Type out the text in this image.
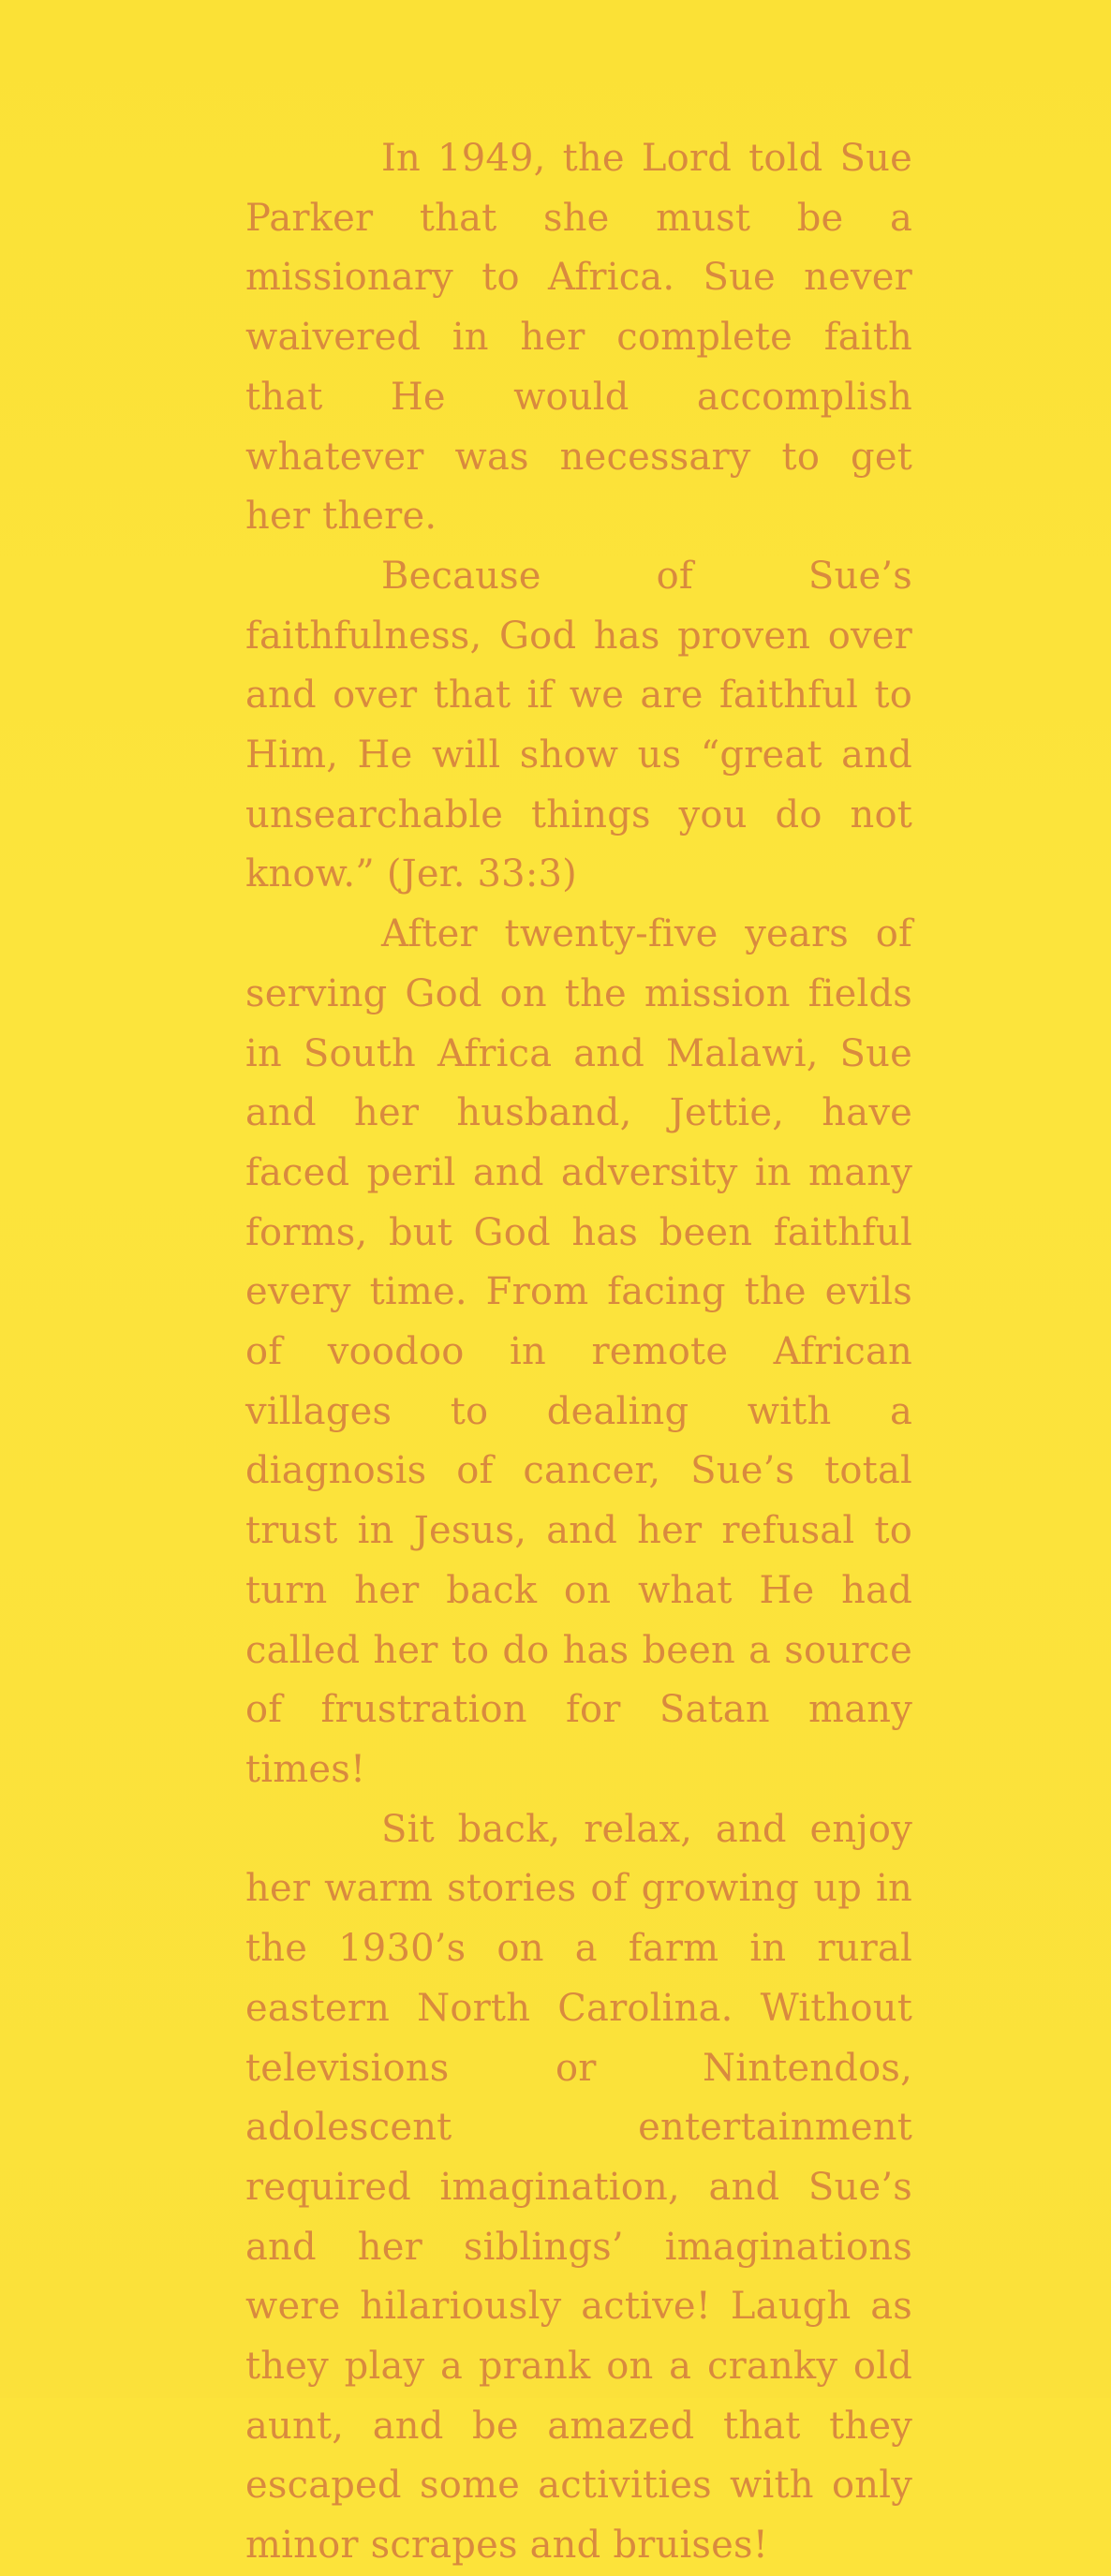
In 1949, the Lord told Sue Parker that she must be a missionary to Africa. Sue never waivered in her complete faith that He would accomplish whatever was necessary to get her there.

Because of Sue’s faithfulness, God has proven over and over that if we are faithful to Him, He will show us “great and unsearchable things you do not know.” (Jer. 33:3)

After twenty-five years of serving God on the mission fields in South Africa and Malawi, Sue and her husband, Jettie, have faced peril and adversity in many forms, but God has been faithful every time. From facing the evils of voodoo in remote African villages to dealing with a diagnosis of cancer, Sue’s total trust in Jesus, and her refusal to turn her back on what He had called her to do has been a source of frustration for Satan many times!

Sit back, relax, and enjoy her warm stories of growing up in the 1930’s on a farm in rural eastern North Carolina. Without televisions or Nintendos, adolescent entertainment required imagination, and Sue’s and her siblings’ imaginations were hilariously active! Laugh as they play a prank on a cranky old aunt, and be amazed that they escaped some activities with only minor scrapes and bruises!
